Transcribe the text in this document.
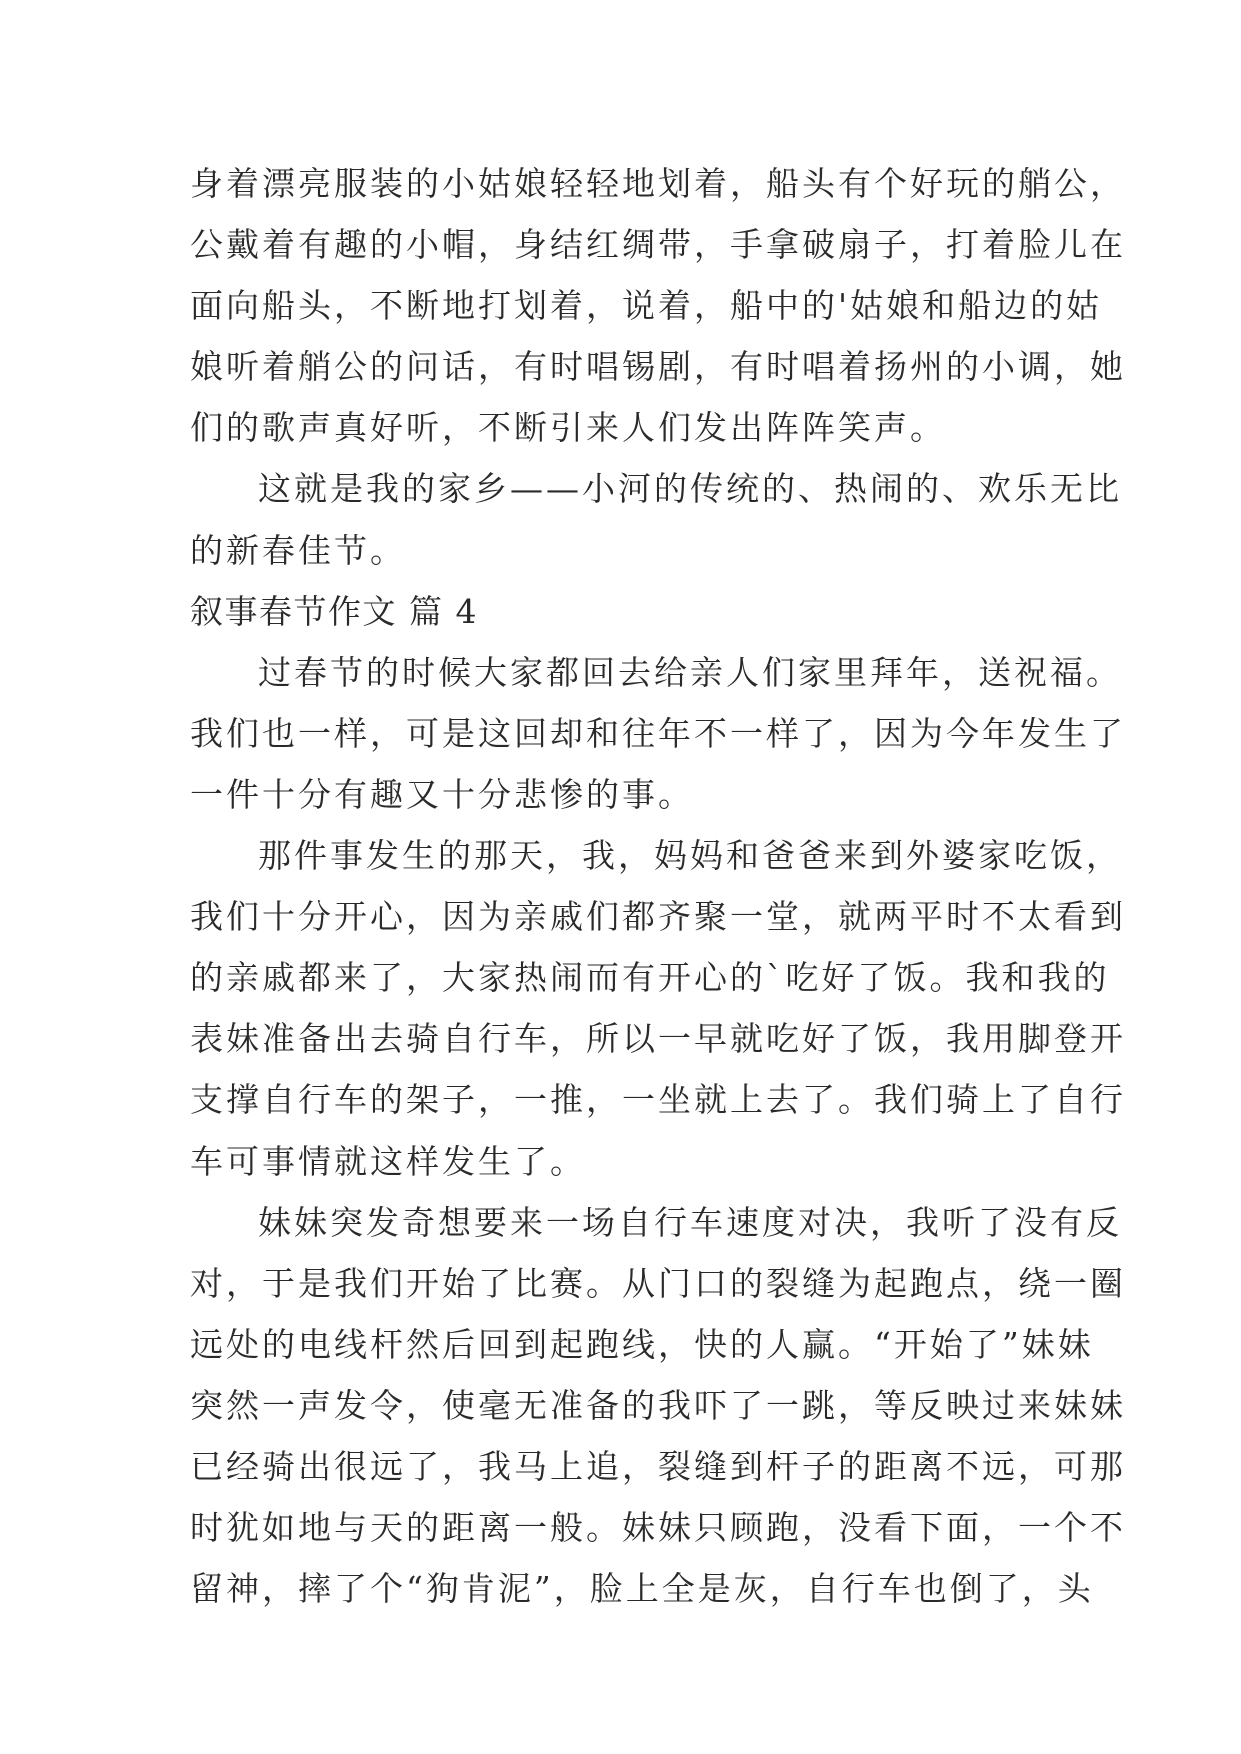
身着漂亮服装的小姑娘轻轻地划着，船头有个好玩的艄公，
公戴着有趣的小帽，身结红绸带，手拿破扇子，打着脸儿在
面向船头，不断地打划着，说着，船中的'姑娘和船边的姑
娘听着艄公的问话，有时唱锡剧，有时唱着扬州的小调，她
们的歌声真好听，不断引来人们发出阵阵笑声。
这就是我的家乡——小河的传统的、热闹的、欢乐无比
的新春佳节。
叙事春节作文 篇 4
过春节的时候大家都回去给亲人们家里拜年，送祝福。
我们也一样，可是这回却和往年不一样了，因为今年发生了
一件十分有趣又十分悲惨的事。
那件事发生的那天，我，妈妈和爸爸来到外婆家吃饭，
我们十分开心，因为亲戚们都齐聚一堂，就两平时不太看到
的亲戚都来了，大家热闹而有开心的`吃好了饭。我和我的
表妹准备出去骑自行车，所以一早就吃好了饭，我用脚登开
支撑自行车的架子，一推，一坐就上去了。我们骑上了自行
车可事情就这样发生了。
妹妹突发奇想要来一场自行车速度对决，我听了没有反
对，于是我们开始了比赛。从门口的裂缝为起跑点，绕一圈
远处的电线杆然后回到起跑线，快的人赢。“开始了”妹妹
突然一声发令，使毫无准备的我吓了一跳，等反映过来妹妹
已经骑出很远了，我马上追，裂缝到杆子的距离不远，可那
时犹如地与天的距离一般。妹妹只顾跑，没看下面，一个不
留神，摔了个“狗肯泥”，脸上全是灰，自行车也倒了，头
